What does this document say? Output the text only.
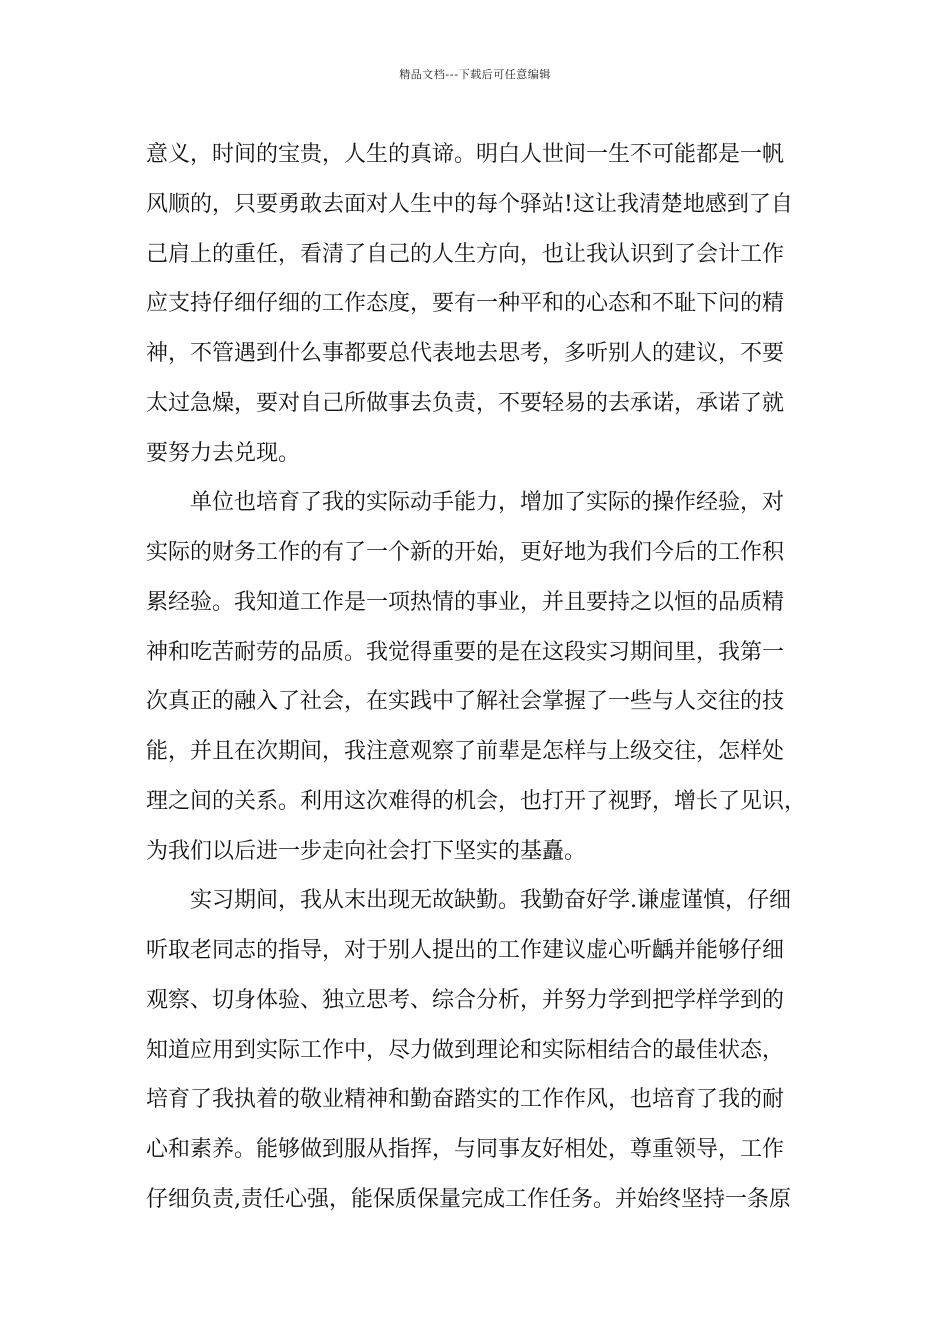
精品文档---下载后可任意编辑
意义，时间的宝贵，人生的真谛。明白人世间一生不可能都是一帆
风顺的，只要勇敢去面对人生中的每个驿站!这让我清楚地感到了自
己肩上的重任，看清了自己的人生方向，也让我认识到了会计工作
应支持仔细仔细的工作态度，要有一种平和的心态和不耻下问的精
神，不管遇到什么事都要总代表地去思考，多听别人的建议，不要
太过急燥，要对自己所做事去负责，不要轻易的去承诺，承诺了就
要努力去兑现。
单位也培育了我的实际动手能力，增加了实际的操作经验，对
实际的财务工作的有了一个新的开始，更好地为我们今后的工作积
累经验。我知道工作是一项热情的事业，并且要持之以恒的品质精
神和吃苦耐劳的品质。我觉得重要的是在这段实习期间里，我第一
次真正的融入了社会，在实践中了解社会掌握了一些与人交往的技
能，并且在次期间，我注意观察了前辈是怎样与上级交往，怎样处
理之间的关系。利用这次难得的机会，也打开了视野，增长了见识，
为我们以后进一步走向社会打下坚实的基矗。
实习期间，我从末出现无故缺勤。我勤奋好学.谦虚谨慎，仔细
听取老同志的指导，对于别人提出的工作建议虚心听齲并能够仔细
观察、切身体验、独立思考、综合分析，并努力学到把学样学到的
知道应用到实际工作中，尽力做到理论和实际相结合的最佳状态，
培育了我执着的敬业精神和勤奋踏实的工作作风，也培育了我的耐
心和素养。能够做到服从指挥，与同事友好相处，尊重领导，工作
仔细负责,责任心强，能保质保量完成工作任务。并始终坚持一条原
